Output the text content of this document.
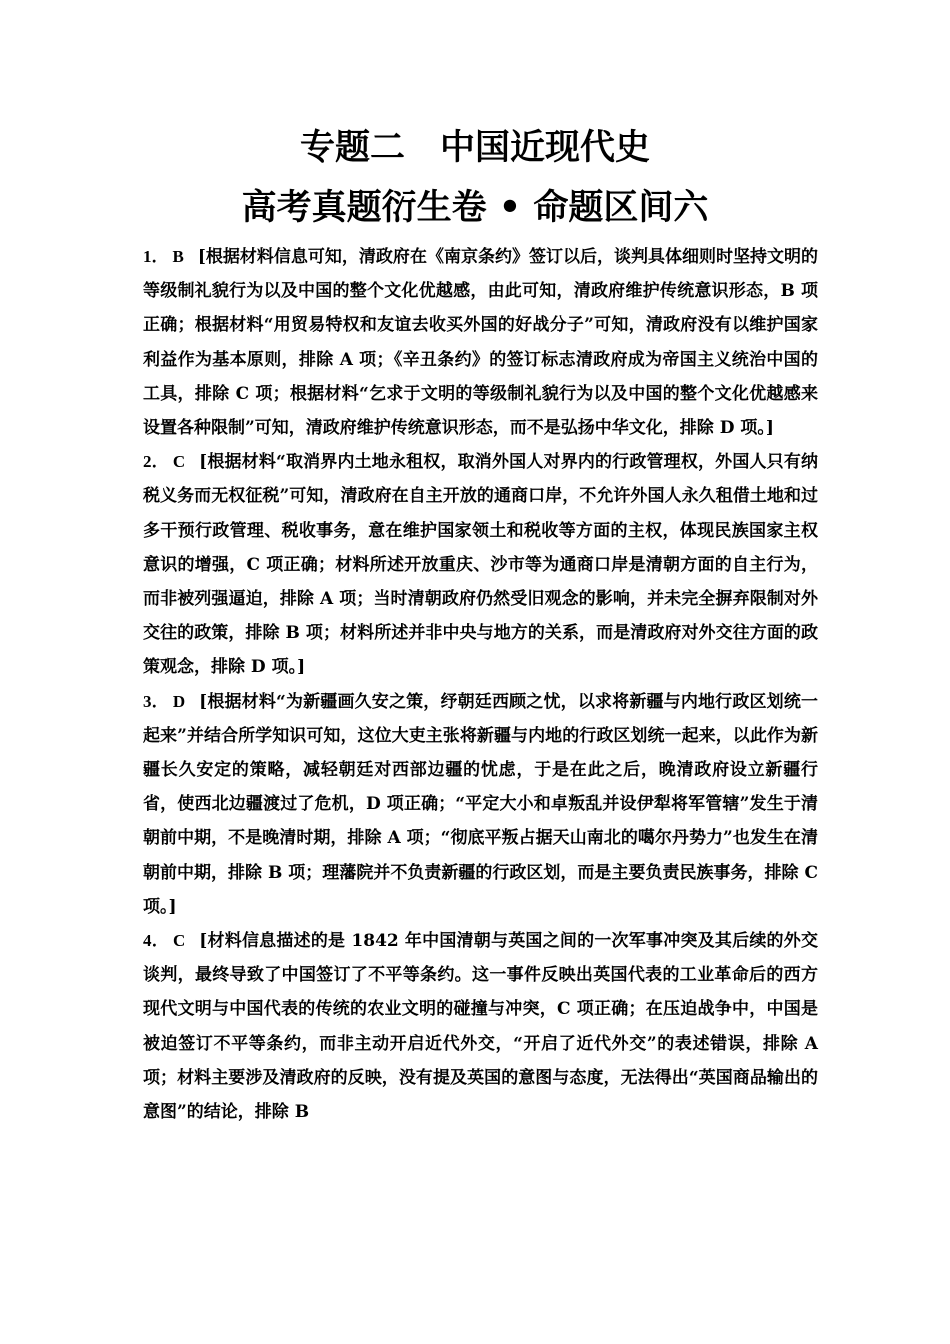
专题二　中国近现代史
高考真题衍生卷 • 命题区间六

1． B [根据材料信息可知，清政府在《南京条约》签订以后，谈判具体细则时坚持文明的等级制礼貌行为以及中国的整个文化优越感，由此可知，清政府维护传统意识形态，B 项正确；根据材料“用贸易特权和友谊去收买外国的好战分子”可知，清政府没有以维护国家利益作为基本原则，排除 A 项；《辛丑条约》的签订标志清政府成为帝国主义统治中国的工具，排除 C 项；根据材料“乞求于文明的等级制礼貌行为以及中国的整个文化优越感来设置各种限制”可知，清政府维护传统意识形态，而不是弘扬中华文化，排除 D 项。]

2． C [根据材料“取消界内土地永租权，取消外国人对界内的行政管理权，外国人只有纳税义务而无权征税”可知，清政府在自主开放的通商口岸，不允许外国人永久租借土地和过多干预行政管理、税收事务，意在维护国家领土和税收等方面的主权，体现民族国家主权意识的增强，C 项正确；材料所述开放重庆、沙市等为通商口岸是清朝方面的自主行为，而非被列强逼迫，排除 A 项；当时清朝政府仍然受旧观念的影响，并未完全摒弃限制对外交往的政策，排除 B 项；材料所述并非中央与地方的关系，而是清政府对外交往方面的政策观念，排除 D 项。]

3． D [根据材料“为新疆画久安之策，纾朝廷西顾之忧，以求将新疆与内地行政区划统一起来”并结合所学知识可知，这位大吏主张将新疆与内地的行政区划统一起来，以此作为新疆长久安定的策略，减轻朝廷对西部边疆的忧虑，于是在此之后，晚清政府设立新疆行省，使西北边疆渡过了危机，D 项正确；“平定大小和卓叛乱并设伊犁将军管辖”发生于清朝前中期，不是晚清时期，排除 A 项；“彻底平叛占据天山南北的噶尔丹势力”也发生在清朝前中期，排除 B 项；理藩院并不负责新疆的行政区划，而是主要负责民族事务，排除 C 项。]

4． C [材料信息描述的是 1842 年中国清朝与英国之间的一次军事冲突及其后续的外交谈判，最终导致了中国签订了不平等条约。这一事件反映出英国代表的工业革命后的西方现代文明与中国代表的传统的农业文明的碰撞与冲突，C 项正确；在压迫战争中，中国是被迫签订不平等条约，而非主动开启近代外交，“开启了近代外交”的表述错误，排除 A 项；材料主要涉及清政府的反映，没有提及英国的意图与态度，无法得出“英国商品输出的意图”的结论，排除 B
